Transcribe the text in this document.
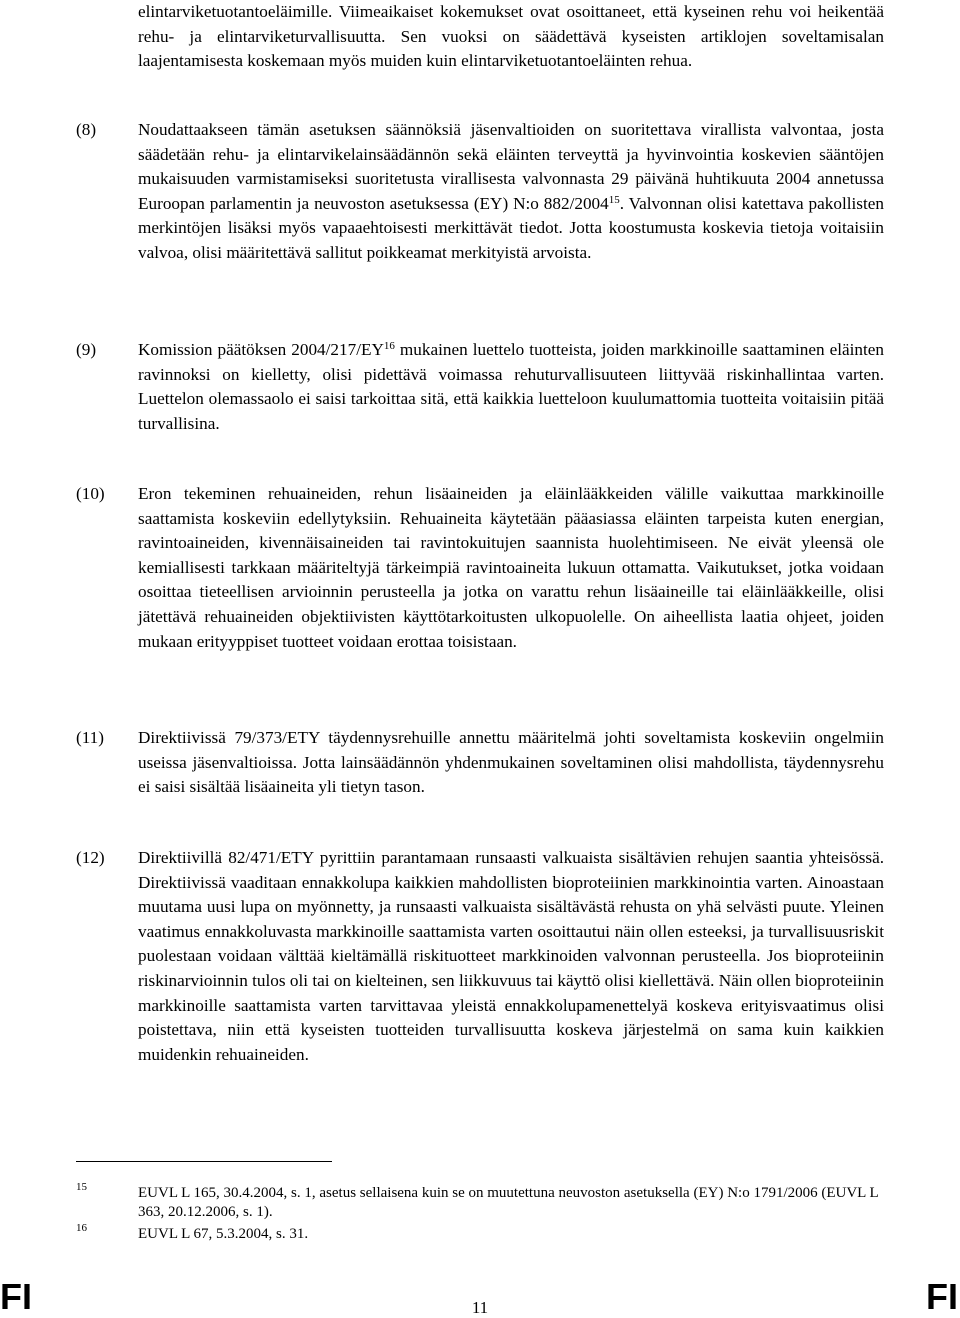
elintarviketuotantoeläimille. Viimeaikaiset kokemukset ovat osoittaneet, että kyseinen rehu voi heikentää rehu- ja elintarviketurvallisuutta. Sen vuoksi on säädettävä kyseisten artiklojen soveltamisalan laajentamisesta koskemaan myös muiden kuin elintarviketuotantoeläinten rehua.
(8) Noudattaakseen tämän asetuksen säännöksiä jäsenvaltioiden on suoritettava virallista valvontaa, josta säädetään rehu- ja elintarvikelainsäädännön sekä eläinten terveyttä ja hyvinvointia koskevien sääntöjen mukaisuuden varmistamiseksi suoritetusta virallisesta valvonnasta 29 päivänä huhtikuuta 2004 annetussa Euroopan parlamentin ja neuvoston asetuksessa (EY) N:o 882/2004$^{15}$. Valvonnan olisi katettava pakollisten merkintöjen lisäksi myös vapaaehtoisesti merkittävät tiedot. Jotta koostumusta koskevia tietoja voitaisiin valvoa, olisi määritettävä sallitut poikkeamat merkityistä arvoista.
(9) Komission päätöksen 2004/217/EY$^{16}$ mukainen luettelo tuotteista, joiden markkinoille saattaminen eläinten ravinnoksi on kielletty, olisi pidettävä voimassa rehuturvallisuuteen liittyvää riskinhallintaa varten. Luettelon olemassaolo ei saisi tarkoittaa sitä, että kaikkia luetteloon kuulumattomia tuotteita voitaisiin pitää turvallisina.
(10) Eron tekeminen rehuaineiden, rehun lisäaineiden ja eläinlääkkeiden välille vaikuttaa markkinoille saattamista koskeviin edellytyksiin. Rehuaineita käytetään pääasiassa eläinten tarpeista kuten energian, ravintoaineiden, kivennäisaineiden tai ravintokuitujen saannista huolehtimiseen. Ne eivät yleensä ole kemiallisesti tarkkaan määriteltyjä tärkeimpiä ravintoaineita lukuun ottamatta. Vaikutukset, jotka voidaan osoittaa tieteellisen arvioinnin perusteella ja jotka on varattu rehun lisäaineille tai eläinlääkkeille, olisi jätettävä rehuaineiden objektiivisten käyttötarkoitusten ulkopuolelle. On aiheellista laatia ohjeet, joiden mukaan erityyppiset tuotteet voidaan erottaa toisistaan.
(11) Direktiivissä 79/373/ETY täydennysrehuille annettu määritelmä johti soveltamista koskeviin ongelmiin useissa jäsenvaltioissa. Jotta lainsäädännön yhdenmukainen soveltaminen olisi mahdollista, täydennysrehu ei saisi sisältää lisäaineita yli tietyn tason.
(12) Direktiivillä 82/471/ETY pyrittiin parantamaan runsaasti valkuaista sisältävien rehujen saantia yhteisössä. Direktiivissä vaaditaan ennakkolupa kaikkien mahdollisten bioproteiinien markkinointia varten. Ainoastaan muutama uusi lupa on myönnetty, ja runsaasti valkuaista sisältävästä rehusta on yhä selvästi puute. Yleinen vaatimus ennakkoluvasta markkinoille saattamista varten osoittautui näin ollen esteeksi, ja turvallisuusriskit puolestaan voidaan välttää kieltämällä riskituotteet markkinoiden valvonnan perusteella. Jos bioproteiinin riskinarvioinnin tulos oli tai on kielteinen, sen liikkuvuus tai käyttö olisi kiellettävä. Näin ollen bioproteiinin markkinoille saattamista varten tarvittavaa yleistä ennakkolupamenettelyä koskeva erityisvaatimus olisi poistettava, niin että kyseisten tuotteiden turvallisuutta koskeva järjestelmä on sama kuin kaikkien muidenkin rehuaineiden.
15	EUVL L 165, 30.4.2004, s. 1, asetus sellaisena kuin se on muutettuna neuvoston asetuksella (EY) N:o 1791/2006 (EUVL L 363, 20.12.2006, s. 1).
16	EUVL L 67, 5.3.2004, s. 31.
FI	11	FI
